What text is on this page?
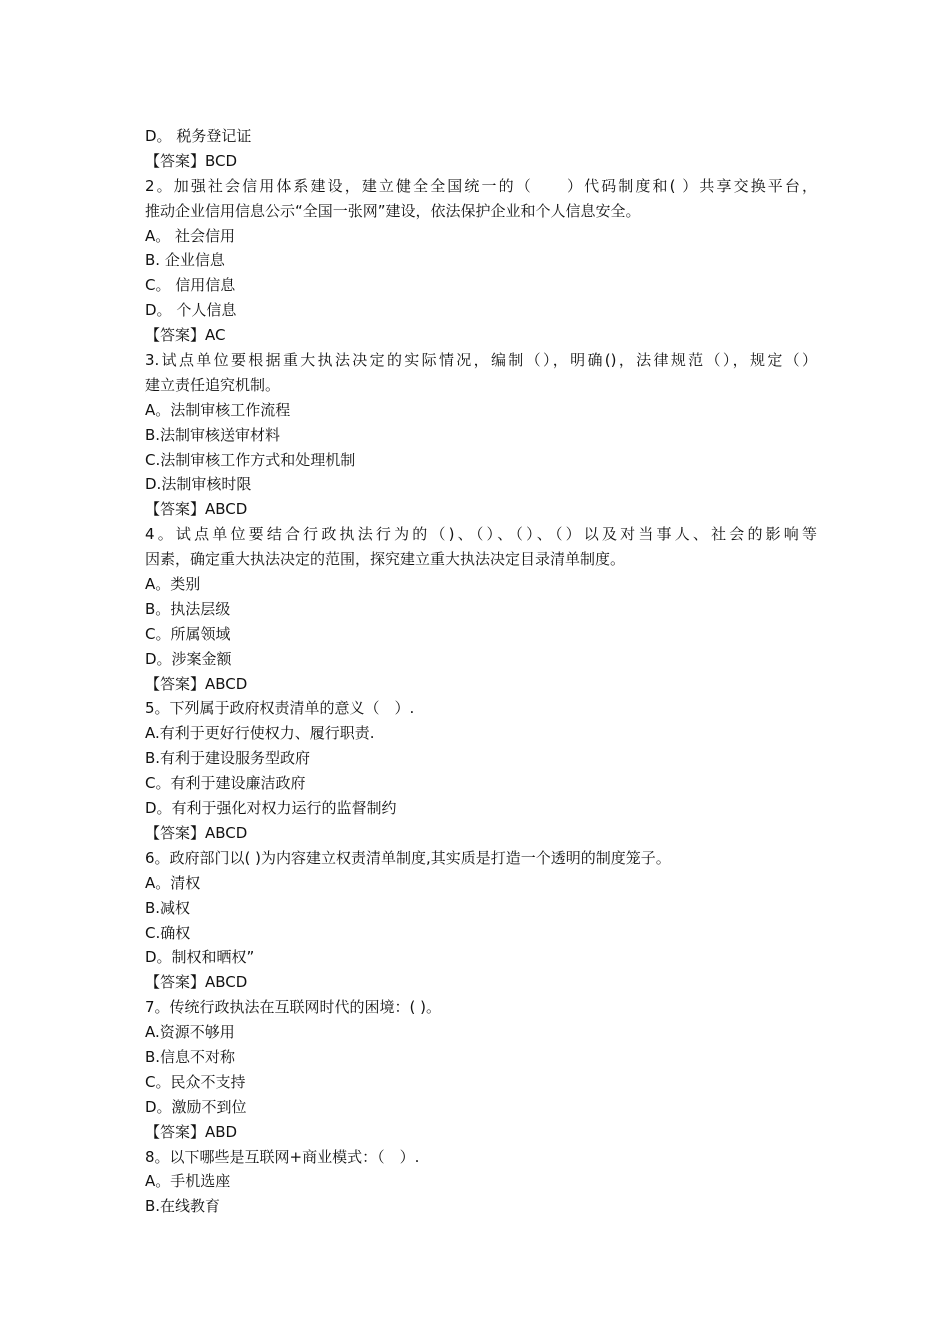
D。 税务登记证
【答案】BCD
2。加强社会信用体系建设，建立健全全国统一的（　　）代码制度和( ）共享交换平台，
推动企业信用信息公示“全国一张网”建设，依法保护企业和个人信息安全。
A。 社会信用
B. 企业信息
C。 信用信息
D。 个人信息
【答案】AC
3.试点单位要根据重大执法决定的实际情况，编制（），明确()，法律规范（），规定（）
建立责任追究机制。
A。法制审核工作流程
B.法制审核送审材料
C.法制审核工作方式和处理机制
D.法制审核时限
【答案】ABCD
4。试点单位要结合行政执法行为的（)、（）、（）、（）以及对当事人、社会的影响等
因素，确定重大执法决定的范围，探究建立重大执法决定目录清单制度。
A。类别
B。执法层级
C。所属领域
D。涉案金额
【答案】ABCD
5。下列属于政府权责清单的意义（　）.
A.有利于更好行使权力、履行职责.
B.有利于建设服务型政府
C。有利于建设廉洁政府
D。有利于强化对权力运行的监督制约
【答案】ABCD
6。政府部门以( )为内容建立权责清单制度,其实质是打造一个透明的制度笼子。
A。清权
B.减权
C.确权
D。制权和晒权”
【答案】ABCD
7。传统行政执法在互联网时代的困境：( )。
A.资源不够用
B.信息不对称
C。民众不支持
D。激励不到位
【答案】ABD
8。以下哪些是互联网+商业模式：（　）.
A。手机选座
B.在线教育
